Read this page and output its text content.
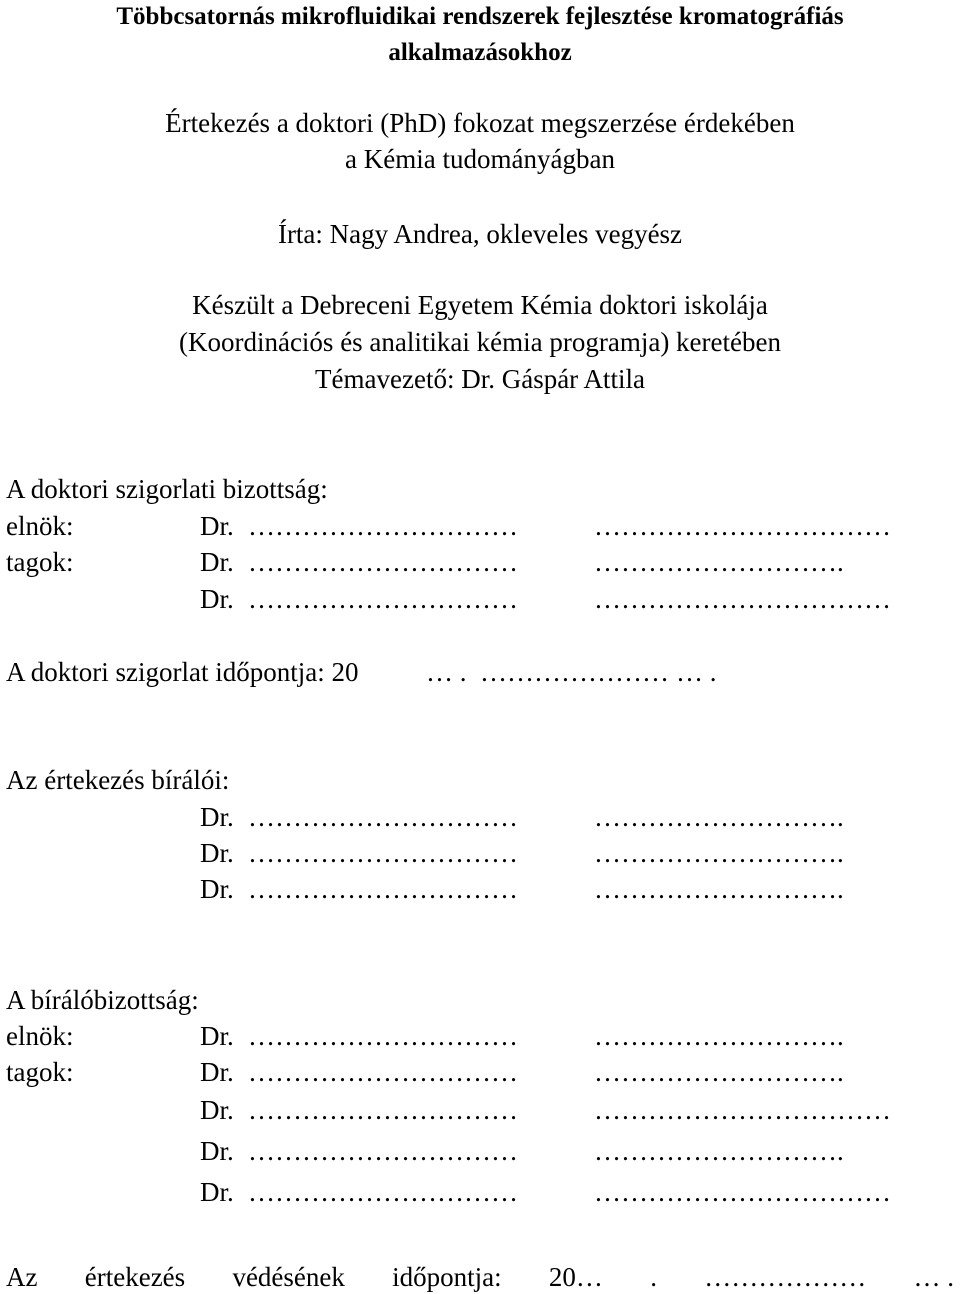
Többcsatornás mikrofluidikai rendszerek fejlesztése kromatográfiás
alkalmazásokhoz
Értekezés a doktori (PhD) fokozat megszerzése érdekében
a Kémia tudományágban
Írta: Nagy Andrea, okleveles vegyész
Készült a Debreceni Egyetem Kémia doktori iskolája
(Koordinációs és analitikai kémia programja) keretében
Témavezető: Dr. Gáspár Attila
A doktori szigorlati bizottság:
elnök:	Dr. …………………………	……………………………
tagok:	Dr. …………………………	……………………….
Dr. …………………………	……………………………
A doktori szigorlat időpontja: 20	… . ………………… … .
Az értekezés bírálói:
Dr. …………………………	……………………….
Dr. …………………………	……………………….
Dr. …………………………	……………………….
A bírálóbizottság:
elnök:	Dr. …………………………	……………………….
tagok:	Dr. …………………………	……………………….
Dr. …………………………	……………………………
Dr. …………………………	……………………….
Dr. …………………………	……………………………
Az értekezés védésének időpontja: 20… . ……………… … .
